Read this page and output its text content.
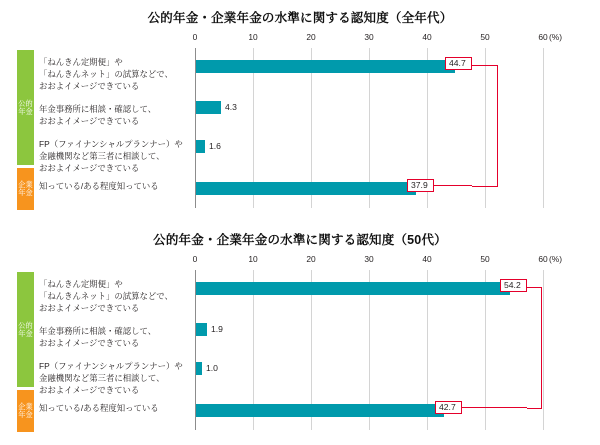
公的年金・企業年金の水準に関する認知度（全年代）
公的年金
企業年金
「ねんきん定期便」や
「ねんきんネット」の試算などで、
おおよイメージできている
年金事務所に相談・確認して、
おおよイメージできている
FP（ファイナンシャルプランナー）や
金融機関など第三者に相談して、
おおよイメージできている
知っている/ある程度知っている
0	10	20	30	40	50	60 (%)
4.3
1.6
44.7
37.9
公的年金・企業年金の水準に関する認知度（50代）
公的年金
企業年金
「ねんきん定期便」や
「ねんきんネット」の試算などで、
おおよイメージできている
年金事務所に相談・確認して、
おおよイメージできている
FP（ファイナンシャルプランナー）や
金融機関など第三者に相談して、
おおよイメージできている
知っている/ある程度知っている
0	10	20	30	40	50	60 (%)
1.9
1.0
54.2
42.7
